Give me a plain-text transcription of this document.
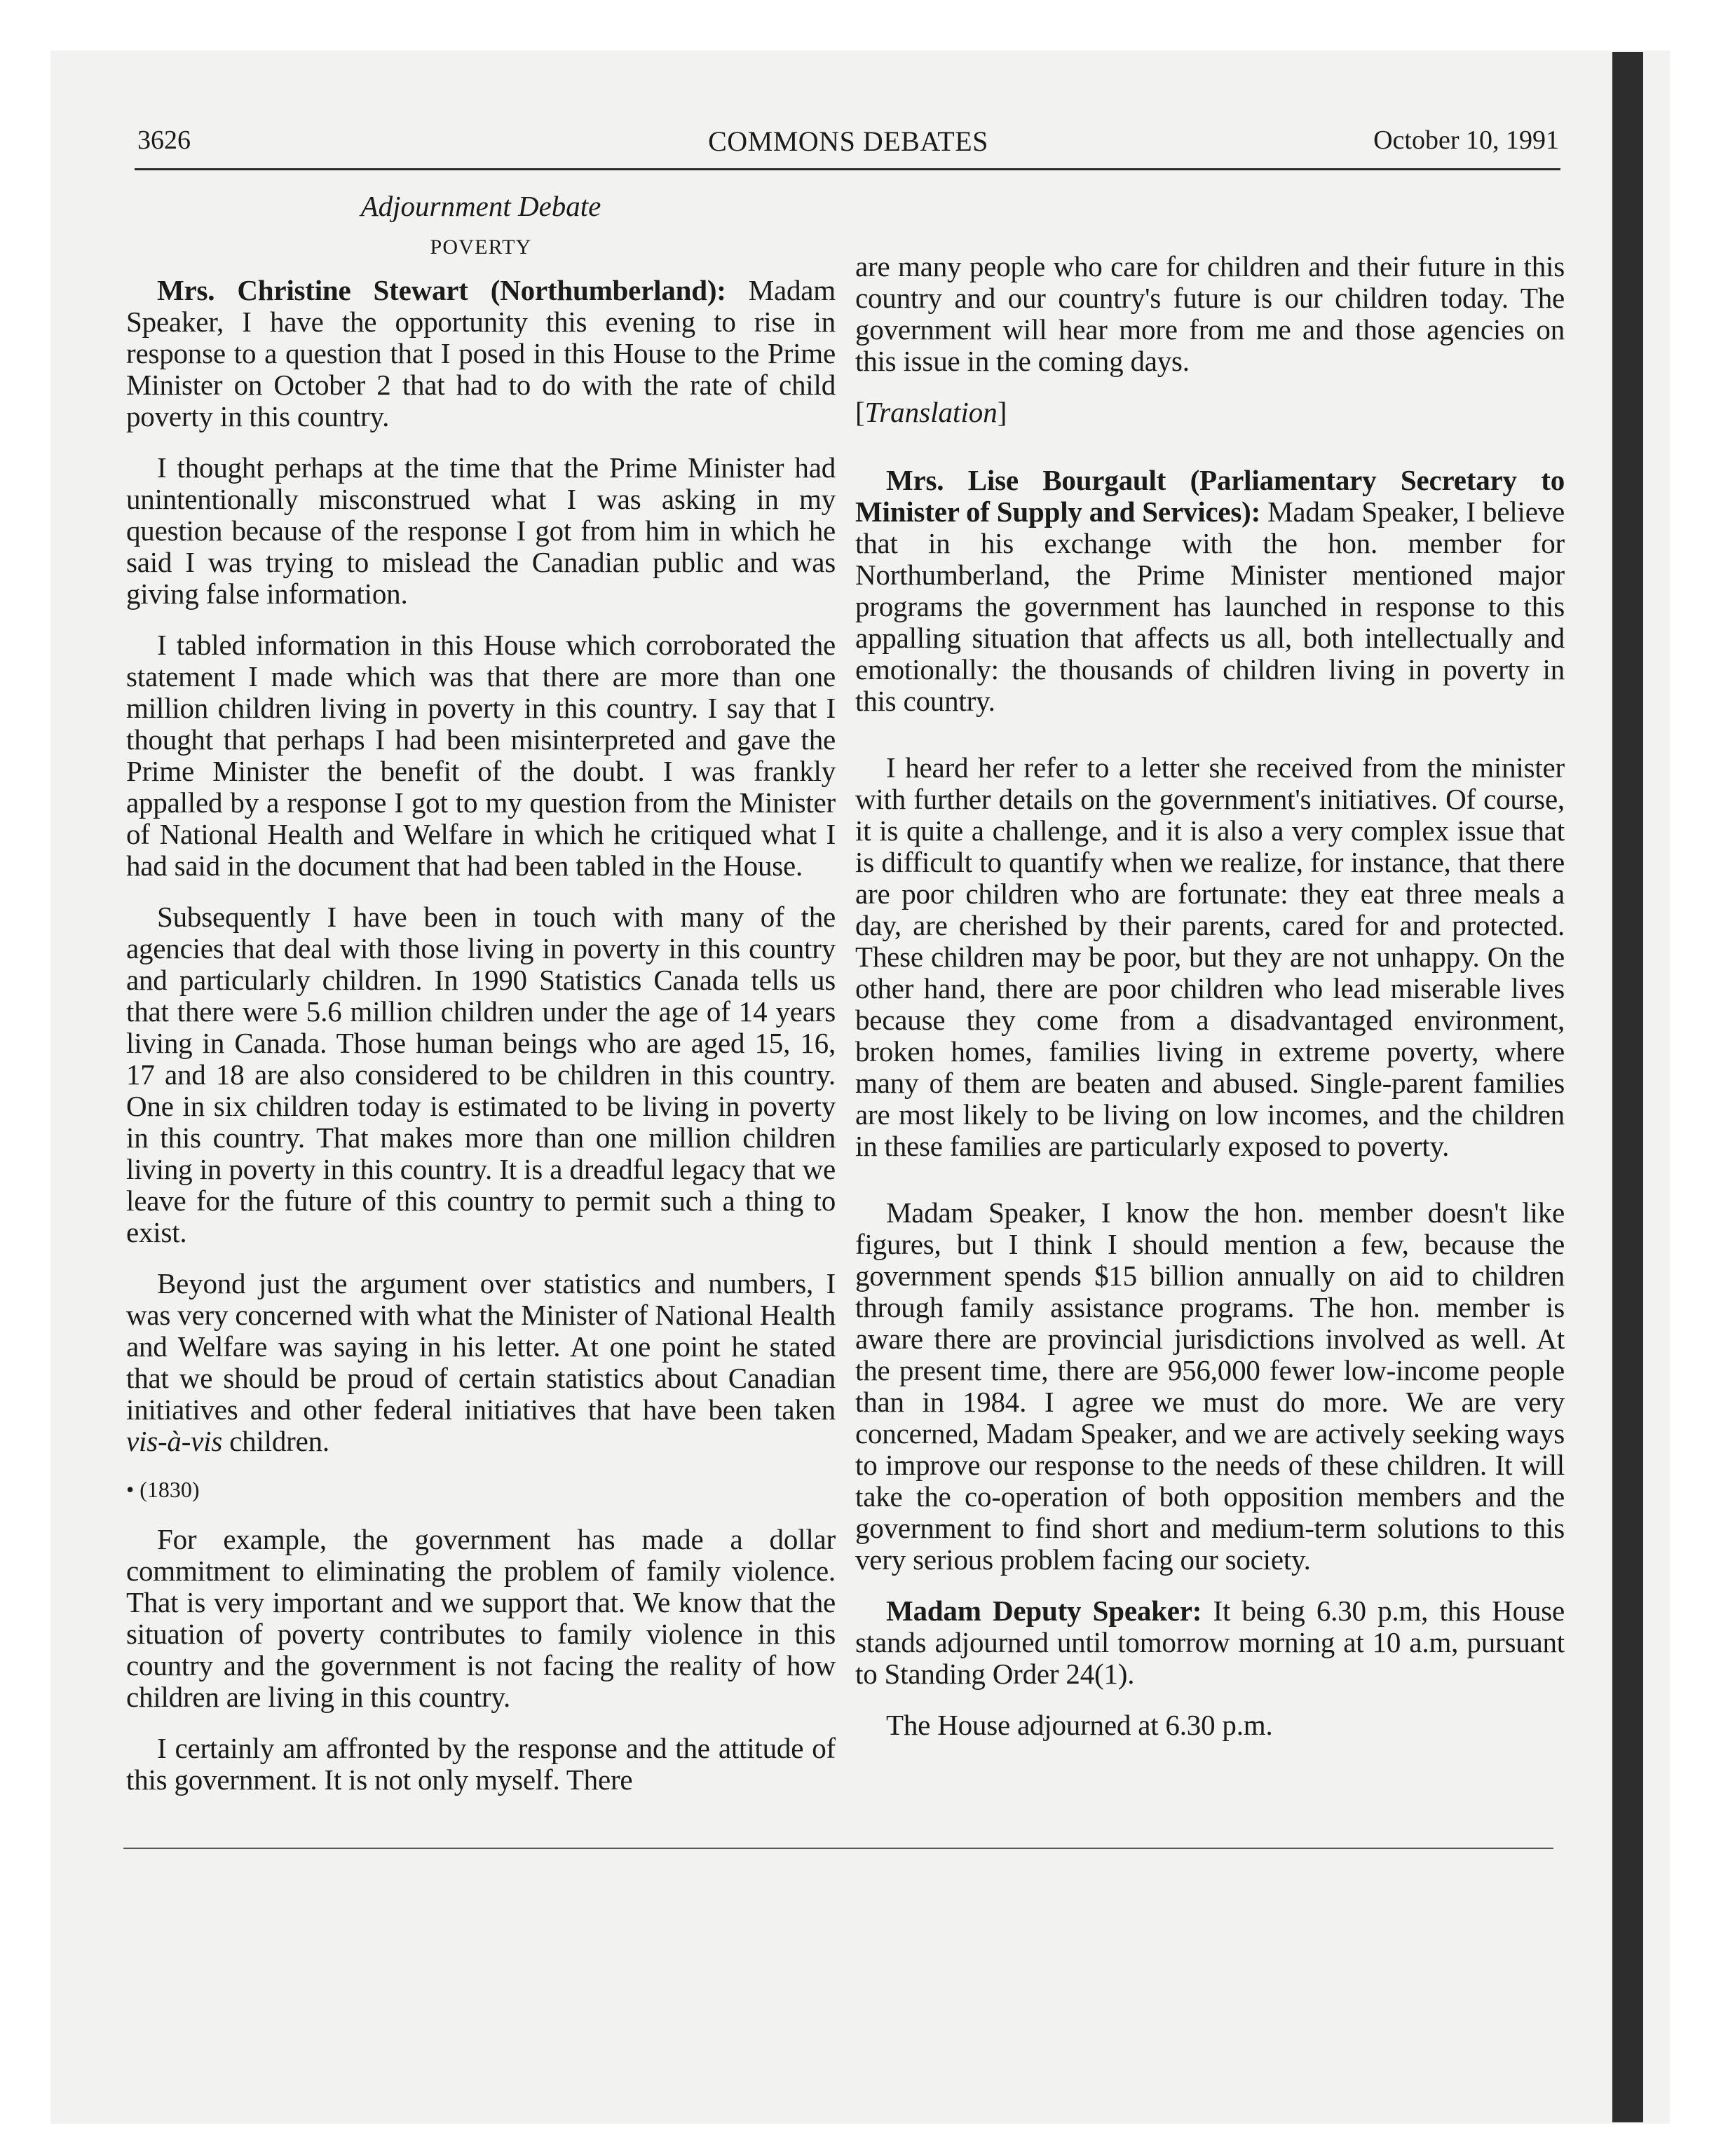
3626	COMMONS DEBATES	October 10, 1991
Adjournment Debate
POVERTY

Mrs. Christine Stewart (Northumberland): Madam Speaker, I have the opportunity this evening to rise in response to a question that I posed in this House to the Prime Minister on October 2 that had to do with the rate of child poverty in this country.

I thought perhaps at the time that the Prime Minister had unintentionally misconstrued what I was asking in my question because of the response I got from him in which he said I was trying to mislead the Canadian public and was giving false information.

I tabled information in this House which corroborated the statement I made which was that there are more than one million children living in poverty in this country. I say that I thought that perhaps I had been misinterpreted and gave the Prime Minister the benefit of the doubt. I was frankly appalled by a response I got to my question from the Minister of National Health and Welfare in which he critiqued what I had said in the document that had been tabled in the House.

Subsequently I have been in touch with many of the agencies that deal with those living in poverty in this country and particularly children. In 1990 Statistics Canada tells us that there were 5.6 million children under the age of 14 years living in Canada. Those human beings who are aged 15, 16, 17 and 18 are also considered to be children in this country. One in six children today is estimated to be living in poverty in this country. That makes more than one million children living in poverty in this country. It is a dreadful legacy that we leave for the future of this country to permit such a thing to exist.

Beyond just the argument over statistics and numbers, I was very concerned with what the Minister of National Health and Welfare was saying in his letter. At one point he stated that we should be proud of certain statistics about Canadian initiatives and other federal initiatives that have been taken vis-à-vis children.

• (1830)

For example, the government has made a dollar commitment to eliminating the problem of family violence. That is very important and we support that. We know that the situation of poverty contributes to family violence in this country and the government is not facing the reality of how children are living in this country.

I certainly am affronted by the response and the attitude of this government. It is not only myself. There

are many people who care for children and their future in this country and our country's future is our children today. The government will hear more from me and those agencies on this issue in the coming days.

[Translation]

Mrs. Lise Bourgault (Parliamentary Secretary to Minister of Supply and Services): Madam Speaker, I believe that in his exchange with the hon. member for Northumberland, the Prime Minister mentioned major programs the government has launched in response to this appalling situation that affects us all, both intellectually and emotionally: the thousands of children living in poverty in this country.

I heard her refer to a letter she received from the minister with further details on the government's initiatives. Of course, it is quite a challenge, and it is also a very complex issue that is difficult to quantify when we realize, for instance, that there are poor children who are fortunate: they eat three meals a day, are cherished by their parents, cared for and protected. These children may be poor, but they are not unhappy. On the other hand, there are poor children who lead miserable lives because they come from a disadvantaged environment, broken homes, families living in extreme poverty, where many of them are beaten and abused. Single-parent families are most likely to be living on low incomes, and the children in these families are particularly exposed to poverty.

Madam Speaker, I know the hon. member doesn't like figures, but I think I should mention a few, because the government spends $15 billion annually on aid to children through family assistance programs. The hon. member is aware there are provincial jurisdictions involved as well. At the present time, there are 956,000 fewer low-income people than in 1984. I agree we must do more. We are very concerned, Madam Speaker, and we are actively seeking ways to improve our response to the needs of these children. It will take the co-operation of both opposition members and the government to find short and medium-term solutions to this very serious problem facing our society.

Madam Deputy Speaker: It being 6.30 p.m, this House stands adjourned until tomorrow morning at 10 a.m, pursuant to Standing Order 24(1).

The House adjourned at 6.30 p.m.
